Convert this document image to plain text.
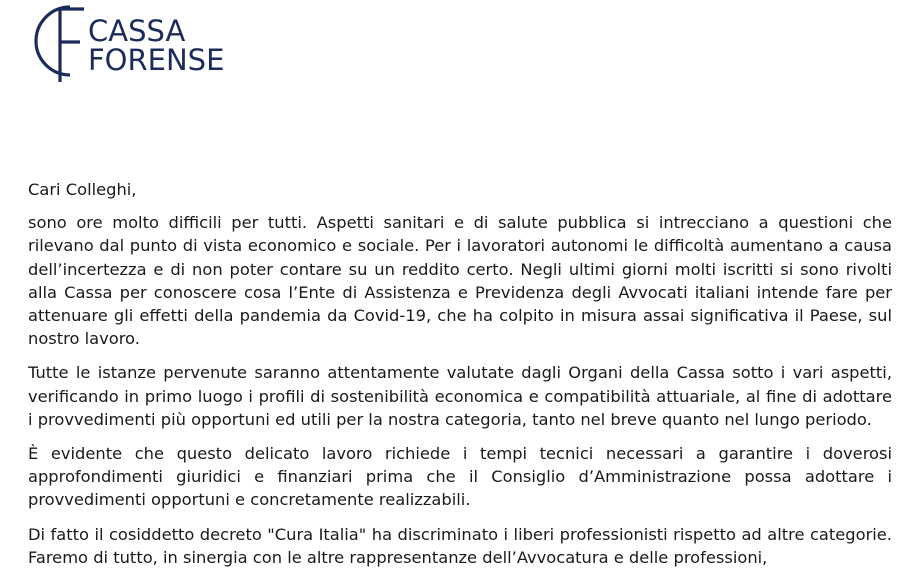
CASSA
FORENSE
Cari Colleghi,

sono ore molto difficili per tutti. Aspetti sanitari e di salute pubblica si intrecciano a questioni che rilevano dal punto di vista economico e sociale. Per i lavoratori autonomi le difficoltà aumentano a causa dell’incertezza e di non poter contare su un reddito certo. Negli ultimi giorni molti iscritti si sono rivolti alla Cassa per conoscere cosa l’Ente di Assistenza e Previdenza degli Avvocati italiani intende fare per attenuare gli effetti della pandemia da Covid-19, che ha colpito in misura assai significativa il Paese, sul nostro lavoro.

Tutte le istanze pervenute saranno attentamente valutate dagli Organi della Cassa sotto i vari aspetti, verificando in primo luogo i profili di sostenibilità economica e compatibilità attuariale, al fine di adottare i provvedimenti più opportuni ed utili per la nostra categoria, tanto nel breve quanto nel lungo periodo.

È evidente che questo delicato lavoro richiede i tempi tecnici necessari a garantire i doverosi approfondimenti giuridici e finanziari prima che il Consiglio d’Amministrazione possa adottare i provvedimenti opportuni e concretamente realizzabili.

Di fatto il cosiddetto decreto "Cura Italia" ha discriminato i liberi professionisti rispetto ad altre categorie. Faremo di tutto, in sinergia con le altre rappresentanze dell’Avvocatura e delle professioni,
